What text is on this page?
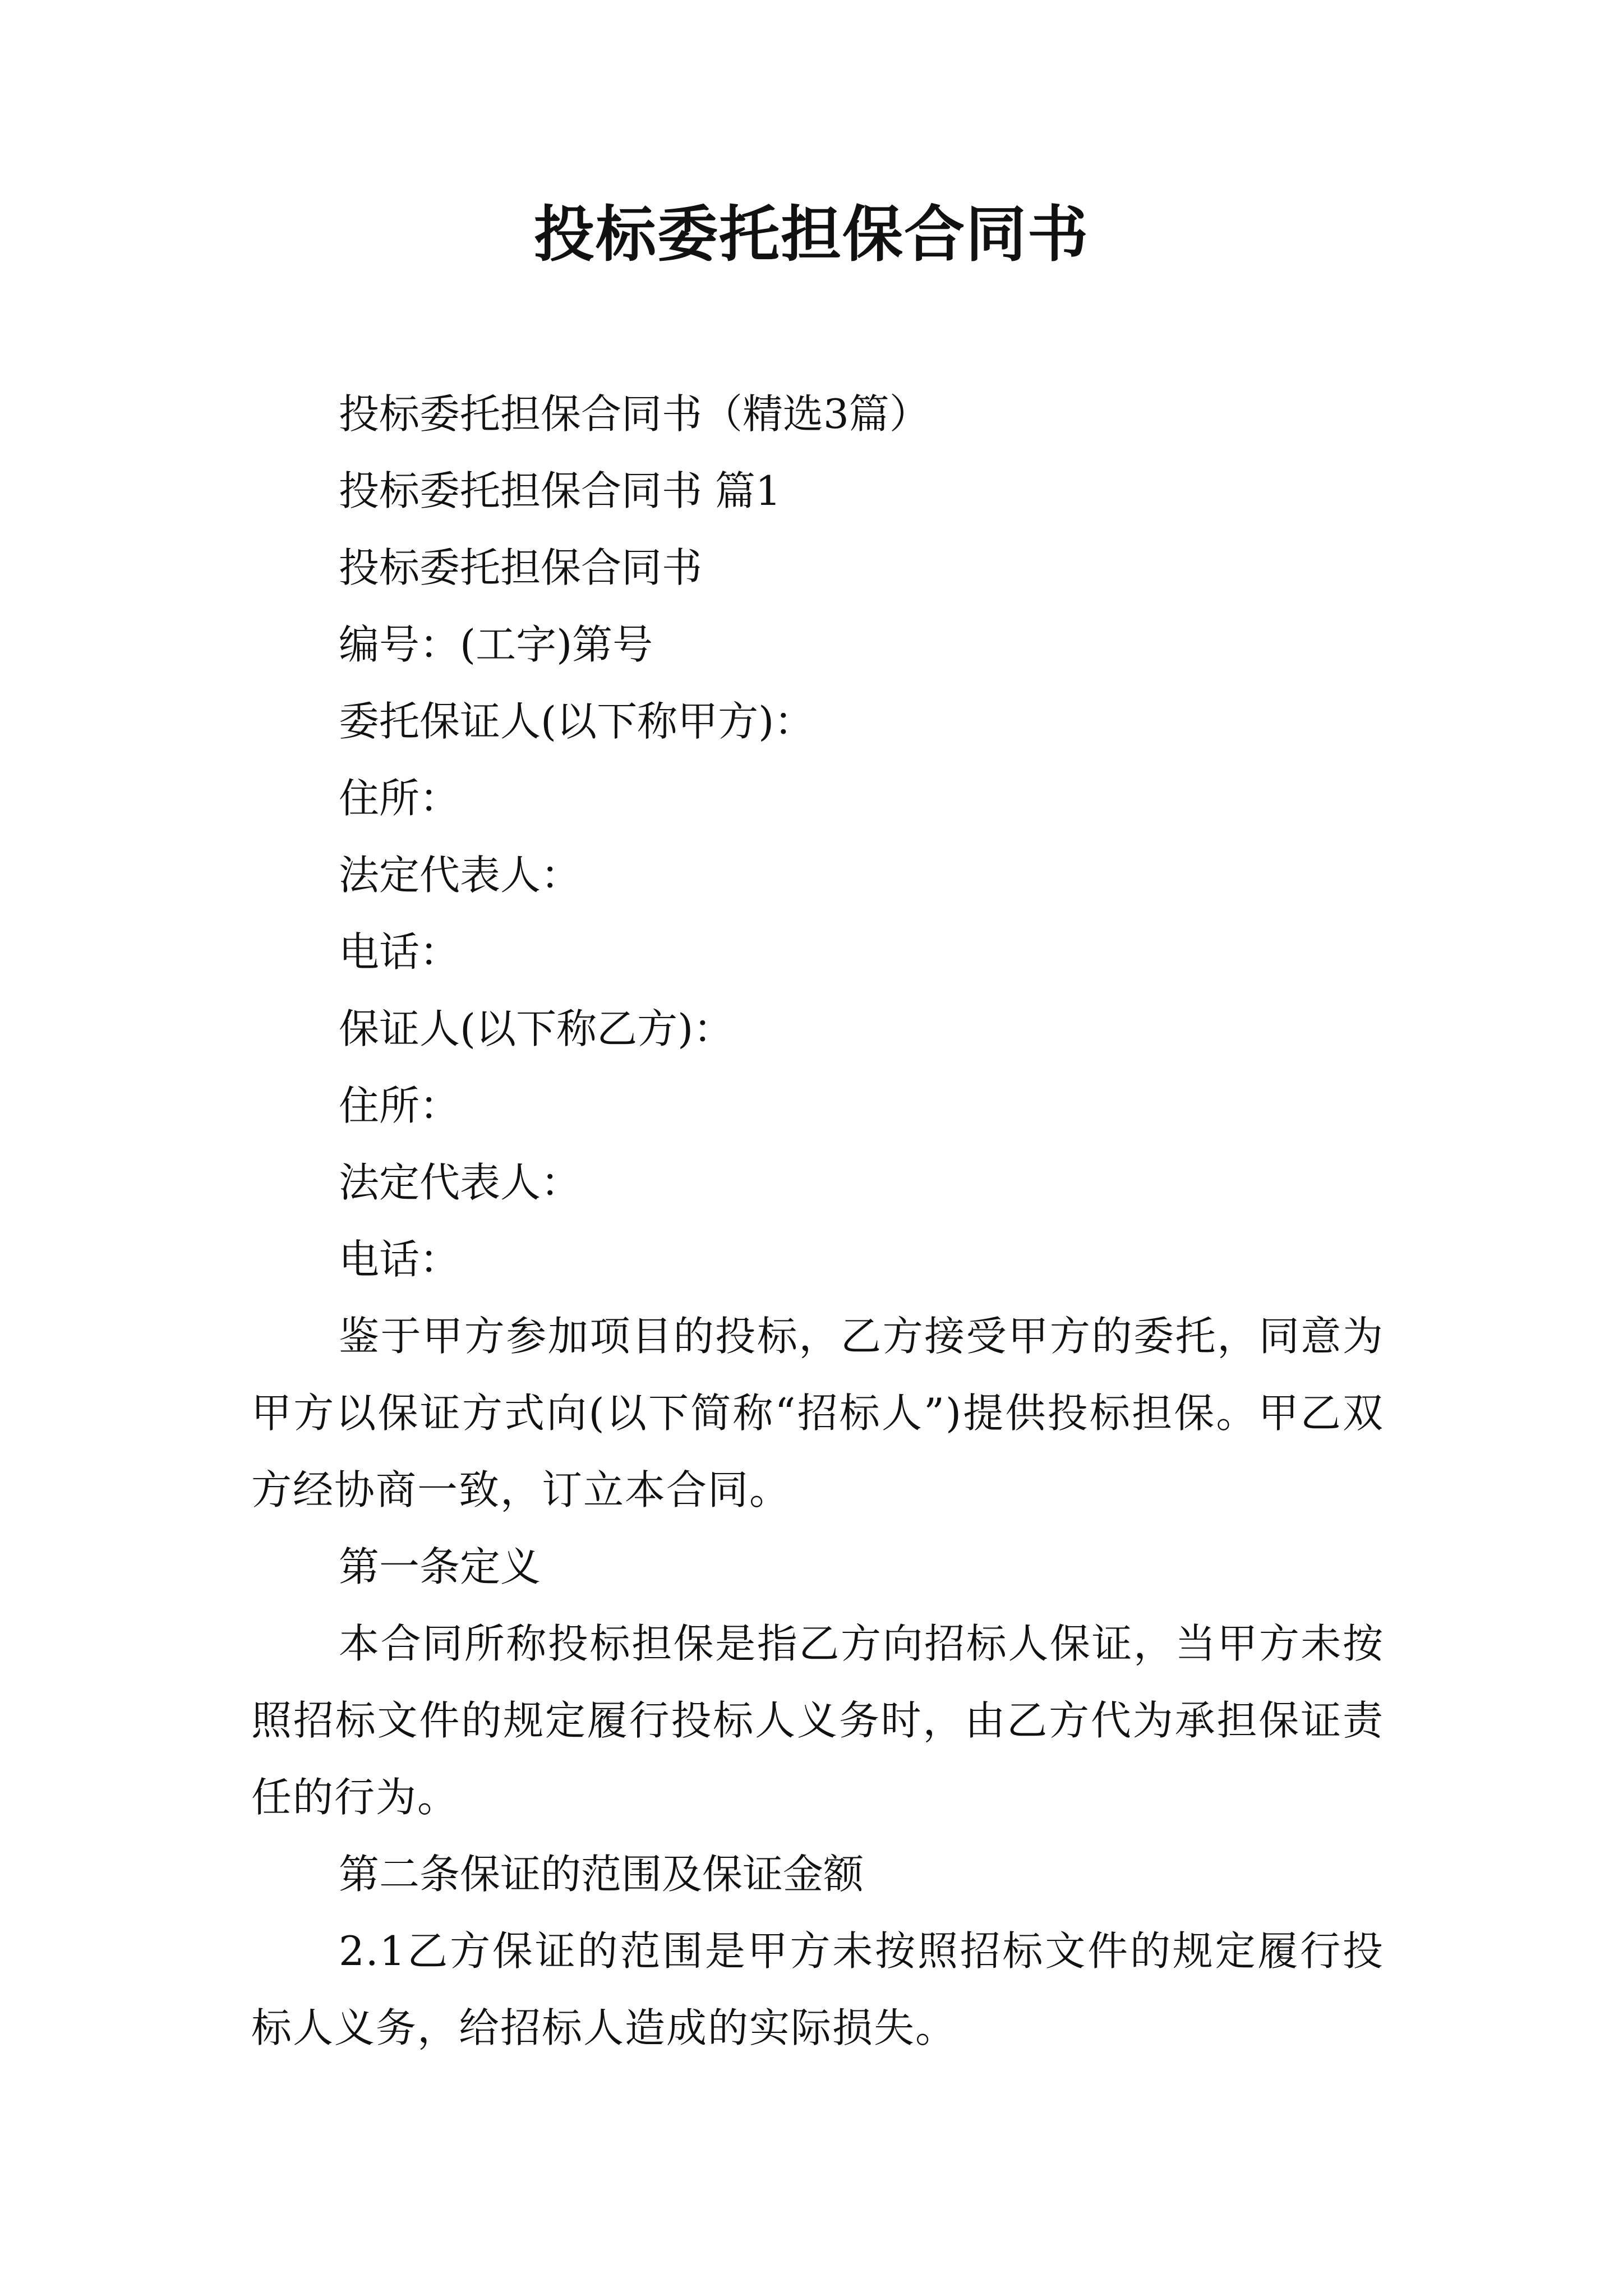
投标委托担保合同书

投标委托担保合同书（精选3篇）

投标委托担保合同书 篇1

投标委托担保合同书

编号：(工字)第号

委托保证人(以下称甲方)：

住所：

法定代表人：

电话：

保证人(以下称乙方)：

住所：

法定代表人：

电话：

鉴于甲方参加项目的投标，乙方接受甲方的委托，同意为甲方以保证方式向(以下简称“招标人”)提供投标担保。甲乙双方经协商一致，订立本合同。

第一条定义

本合同所称投标担保是指乙方向招标人保证，当甲方未按照招标文件的规定履行投标人义务时，由乙方代为承担保证责任的行为。

第二条保证的范围及保证金额

2.1乙方保证的范围是甲方未按照招标文件的规定履行投标人义务，给招标人造成的实际损失。
